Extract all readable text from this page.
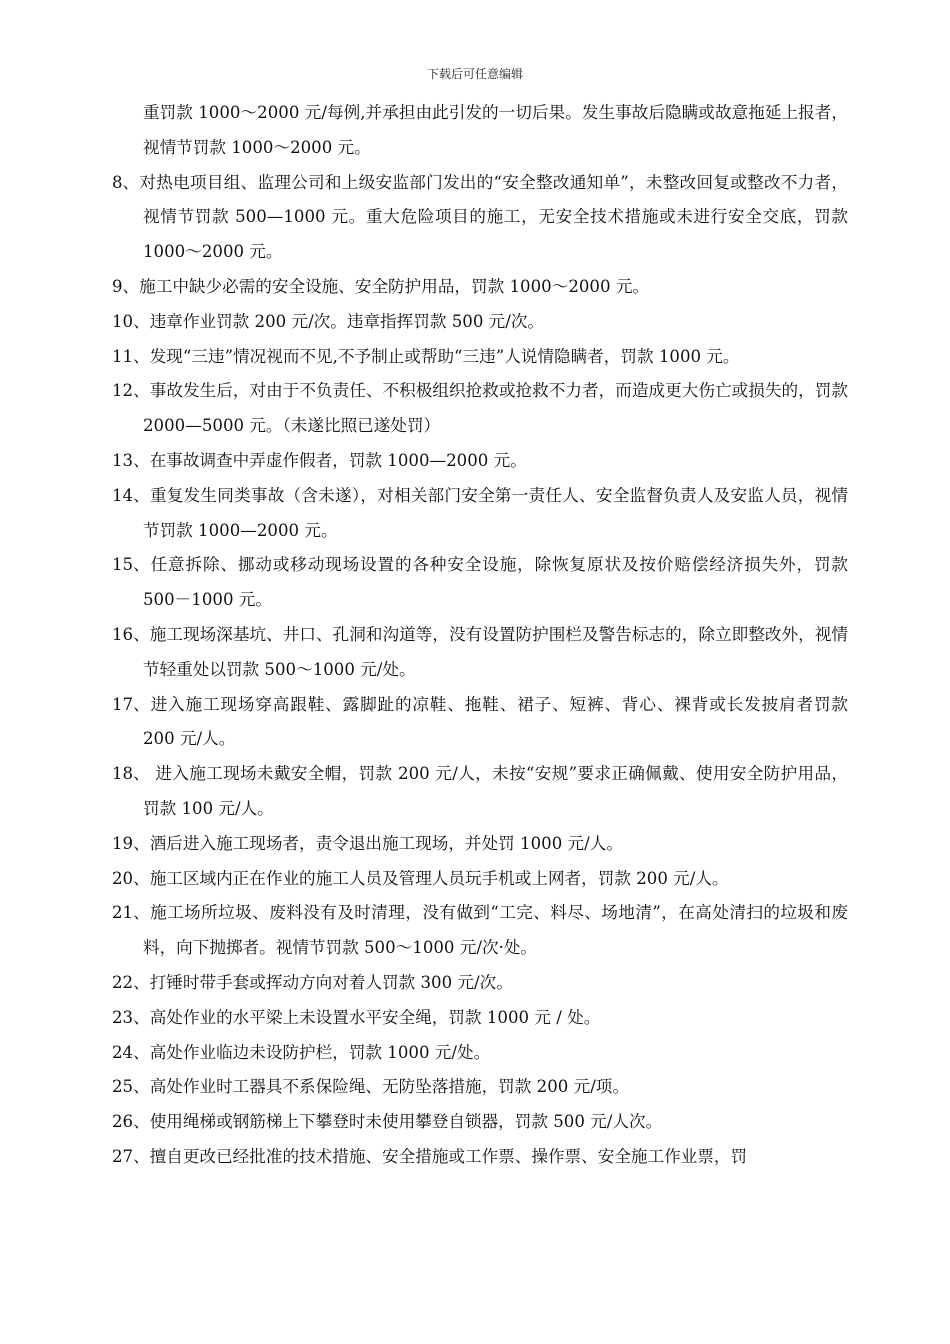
下载后可任意编辑

重罚款 1000～2000 元/每例,并承担由此引发的一切后果。发生事故后隐瞒或故意拖延上报者，视情节罚款 1000～2000 元。

8、对热电项目组、监理公司和上级安监部门发出的“安全整改通知单”，未整改回复或整改不力者，视情节罚款 500—1000 元。重大危险项目的施工，无安全技术措施或未进行安全交底，罚款 1000～2000 元。

9、施工中缺少必需的安全设施、安全防护用品，罚款 1000～2000 元。

10、违章作业罚款 200 元/次。违章指挥罚款 500 元/次。

11、发现“三违”情况视而不见,不予制止或帮助“三违”人说情隐瞒者，罚款 1000 元。

12、事故发生后，对由于不负责任、不积极组织抢救或抢救不力者，而造成更大伤亡或损失的，罚款 2000—5000 元。（未遂比照已遂处罚）

13、在事故调查中弄虚作假者，罚款 1000—2000 元。

14、重复发生同类事故（含未遂），对相关部门安全第一责任人、安全监督负责人及安监人员，视情节罚款 1000—2000 元。

15、任意拆除、挪动或移动现场设置的各种安全设施，除恢复原状及按价赔偿经济损失外，罚款 500－1000 元。

16、施工现场深基坑、井口、孔洞和沟道等，没有设置防护围栏及警告标志的，除立即整改外，视情节轻重处以罚款 500～1000 元/处。

17、进入施工现场穿高跟鞋、露脚趾的凉鞋、拖鞋、裙子、短裤、背心、裸背或长发披肩者罚款 200 元/人。

18、 进入施工现场未戴安全帽，罚款 200 元/人，未按“安规”要求正确佩戴、使用安全防护用品，罚款 100 元/人。

19、酒后进入施工现场者，责令退出施工现场，并处罚 1000 元/人。

20、施工区域内正在作业的施工人员及管理人员玩手机或上网者，罚款 200 元/人。

21、施工场所垃圾、废料没有及时清理，没有做到“工完、料尽、场地清”，在高处清扫的垃圾和废料，向下抛掷者。视情节罚款 500～1000 元/次·处。

22、打锤时带手套或挥动方向对着人罚款 300 元/次。

23、高处作业的水平梁上未设置水平安全绳，罚款 1000 元 / 处。

24、高处作业临边未设防护栏，罚款 1000 元/处。

25、高处作业时工器具不系保险绳、无防坠落措施，罚款 200 元/项。

26、使用绳梯或钢筋梯上下攀登时未使用攀登自锁器，罚款 500 元/人次。

27、擅自更改已经批准的技术措施、安全措施或工作票、操作票、安全施工作业票，罚
